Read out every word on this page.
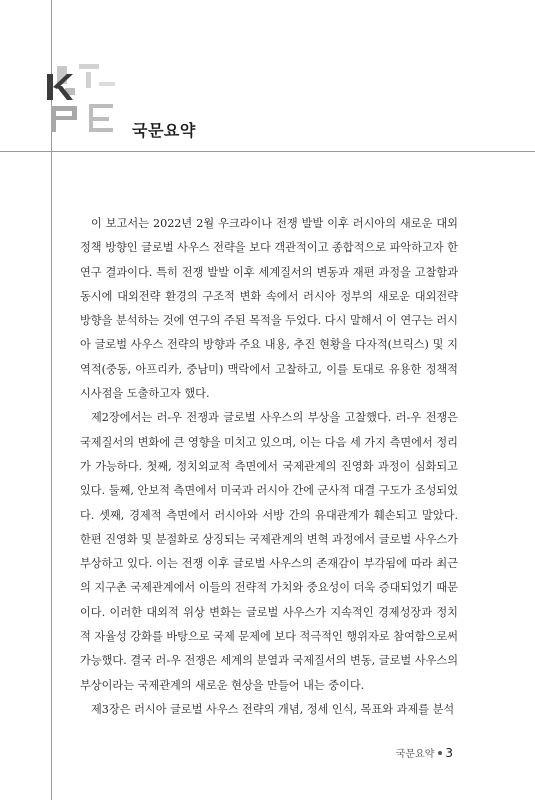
국문요약

이 보고서는 2022년 2월 우크라이나 전쟁 발발 이후 러시아의 새로운 대외정책 방향인 글로벌 사우스 전략을 보다 객관적이고 종합적으로 파악하고자 한 연구 결과이다. 특히 전쟁 발발 이후 세계질서의 변동과 재편 과정을 고찰함과 동시에 대외전략 환경의 구조적 변화 속에서 러시아 정부의 새로운 대외전략 방향을 분석하는 것에 연구의 주된 목적을 두었다. 다시 말해서 이 연구는 러시아 글로벌 사우스 전략의 방향과 주요 내용, 추진 현황을 다자적(브릭스) 및 지역적(중동, 아프리카, 중남미) 맥락에서 고찰하고, 이를 토대로 유용한 정책적 시사점을 도출하고자 했다.

제2장에서는 러-우 전쟁과 글로벌 사우스의 부상을 고찰했다. 러-우 전쟁은 국제질서의 변화에 큰 영향을 미치고 있으며, 이는 다음 세 가지 측면에서 정리가 가능하다. 첫째, 정치외교적 측면에서 국제관계의 진영화 과정이 심화되고 있다. 둘째, 안보적 측면에서 미국과 러시아 간에 군사적 대결 구도가 조성되었다. 셋째, 경제적 측면에서 러시아와 서방 간의 유대관계가 훼손되고 말았다. 한편 진영화 및 분절화로 상징되는 국제관계의 변혁 과정에서 글로벌 사우스가 부상하고 있다. 이는 전쟁 이후 글로벌 사우스의 존재감이 부각됨에 따라 최근의 지구촌 국제관계에서 이들의 전략적 가치와 중요성이 더욱 증대되었기 때문이다. 이러한 대외적 위상 변화는 글로벌 사우스가 지속적인 경제성장과 정치적 자율성 강화를 바탕으로 국제 문제에 보다 적극적인 행위자로 참여함으로써 가능했다. 결국 러-우 전쟁은 세계의 분열과 국제질서의 변동, 글로벌 사우스의 부상이라는 국제관계의 새로운 현상을 만들어 내는 중이다.

제3장은 러시아 글로벌 사우스 전략의 개념, 정세 인식, 목표와 과제를 분석

국문요약 3
